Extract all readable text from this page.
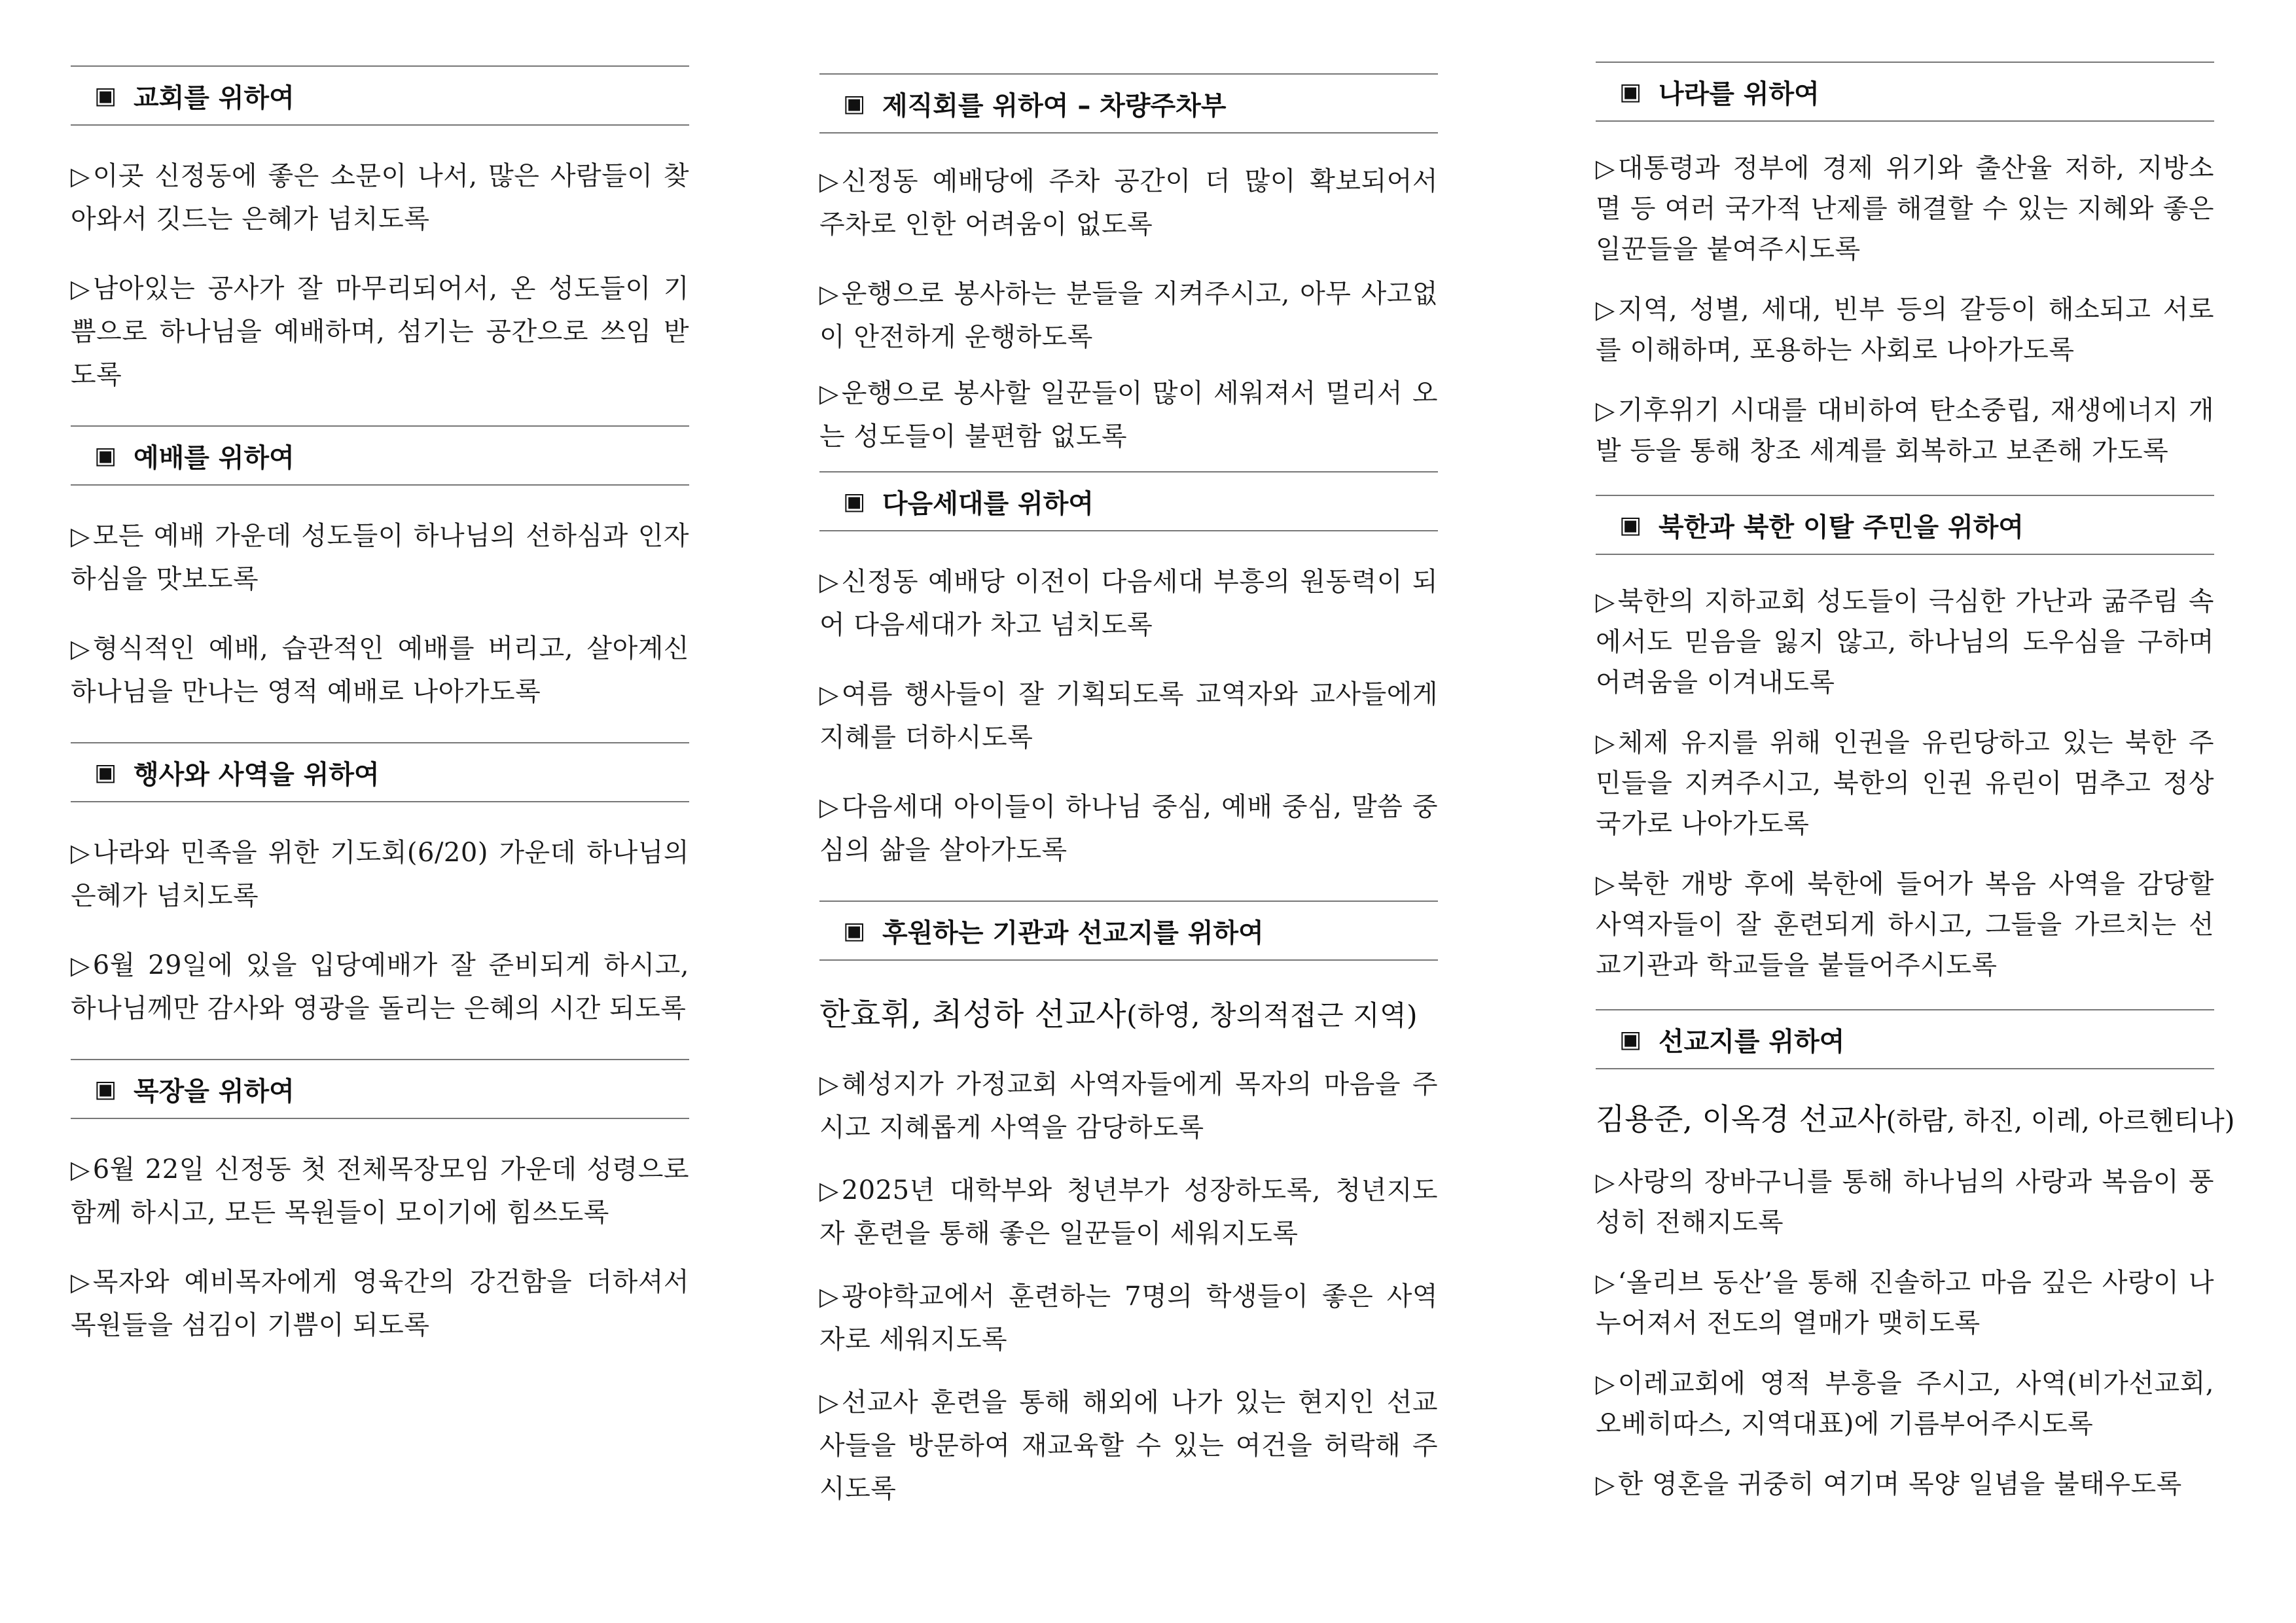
▣ 교회를 위하여

▷ 이곳 신정동에 좋은 소문이 나서, 많은 사람들이 찾아와서 깃드는 은혜가 넘치도록

▷ 남아있는 공사가 잘 마무리되어서, 온 성도들이 기쁨으로 하나님을 예배하며, 섬기는 공간으로 쓰임 받도록

▣ 예배를 위하여

▷ 모든 예배 가운데 성도들이 하나님의 선하심과 인자하심을 맛보도록

▷ 형식적인 예배, 습관적인 예배를 버리고, 살아계신 하나님을 만나는 영적 예배로 나아가도록

▣ 행사와 사역을 위하여

▷ 나라와 민족을 위한 기도회(6/20) 가운데 하나님의 은혜가 넘치도록

▷ 6월 29일에 있을 입당예배가 잘 준비되게 하시고, 하나님께만 감사와 영광을 돌리는 은혜의 시간 되도록

▣ 목장을 위하여

▷ 6월 22일 신정동 첫 전체목장모임 가운데 성령으로 함께 하시고, 모든 목원들이 모이기에 힘쓰도록

▷ 목자와 예비목자에게 영육간의 강건함을 더하셔서 목원들을 섬김이 기쁨이 되도록

▣ 제직회를 위하여 – 차량주차부

▷ 신정동 예배당에 주차 공간이 더 많이 확보되어서 주차로 인한 어려움이 없도록

▷ 운행으로 봉사하는 분들을 지켜주시고, 아무 사고없이 안전하게 운행하도록

▷ 운행으로 봉사할 일꾼들이 많이 세워져서 멀리서 오는 성도들이 불편함 없도록

▣ 다음세대를 위하여

▷ 신정동 예배당 이전이 다음세대 부흥의 원동력이 되어 다음세대가 차고 넘치도록

▷ 여름 행사들이 잘 기획되도록 교역자와 교사들에게 지혜를 더하시도록

▷ 다음세대 아이들이 하나님 중심, 예배 중심, 말씀 중심의 삶을 살아가도록

▣ 후원하는 기관과 선교지를 위하여
한효휘, 최성하 선교사(하영, 창의적접근 지역)

▷ 혜성지가 가정교회 사역자들에게 목자의 마음을 주시고 지혜롭게 사역을 감당하도록

▷ 2025년 대학부와 청년부가 성장하도록, 청년지도자 훈련을 통해 좋은 일꾼들이 세워지도록

▷ 광야학교에서 훈련하는 7명의 학생들이 좋은 사역자로 세워지도록

▷ 선교사 훈련을 통해 해외에 나가 있는 현지인 선교사들을 방문하여 재교육할 수 있는 여건을 허락해 주시도록

▣ 나라를 위하여

▷ 대통령과 정부에 경제 위기와 출산율 저하, 지방소멸 등 여러 국가적 난제를 해결할 수 있는 지혜와 좋은 일꾼들을 붙여주시도록

▷ 지역, 성별, 세대, 빈부 등의 갈등이 해소되고 서로를 이해하며, 포용하는 사회로 나아가도록

▷ 기후위기 시대를 대비하여 탄소중립, 재생에너지 개발 등을 통해 창조 세계를 회복하고 보존해 가도록

▣ 북한과 북한 이탈 주민을 위하여

▷ 북한의 지하교회 성도들이 극심한 가난과 굶주림 속에서도 믿음을 잃지 않고, 하나님의 도우심을 구하며 어려움을 이겨내도록

▷ 체제 유지를 위해 인권을 유린당하고 있는 북한 주민들을 지켜주시고, 북한의 인권 유린이 멈추고 정상국가로 나아가도록

▷ 북한 개방 후에 북한에 들어가 복음 사역을 감당할 사역자들이 잘 훈련되게 하시고, 그들을 가르치는 선교기관과 학교들을 붙들어주시도록

▣ 선교지를 위하여
김용준, 이옥경 선교사(하람, 하진, 이레, 아르헨티나)

▷ 사랑의 장바구니를 통해 하나님의 사랑과 복음이 풍성히 전해지도록

▷ ‘올리브 동산’을 통해 진솔하고 마음 깊은 사랑이 나누어져서 전도의 열매가 맺히도록

▷ 이레교회에 영적 부흥을 주시고, 사역(비가선교회, 오베히따스, 지역대표)에 기름부어주시도록

▷ 한 영혼을 귀중히 여기며 목양 일념을 불태우도록
